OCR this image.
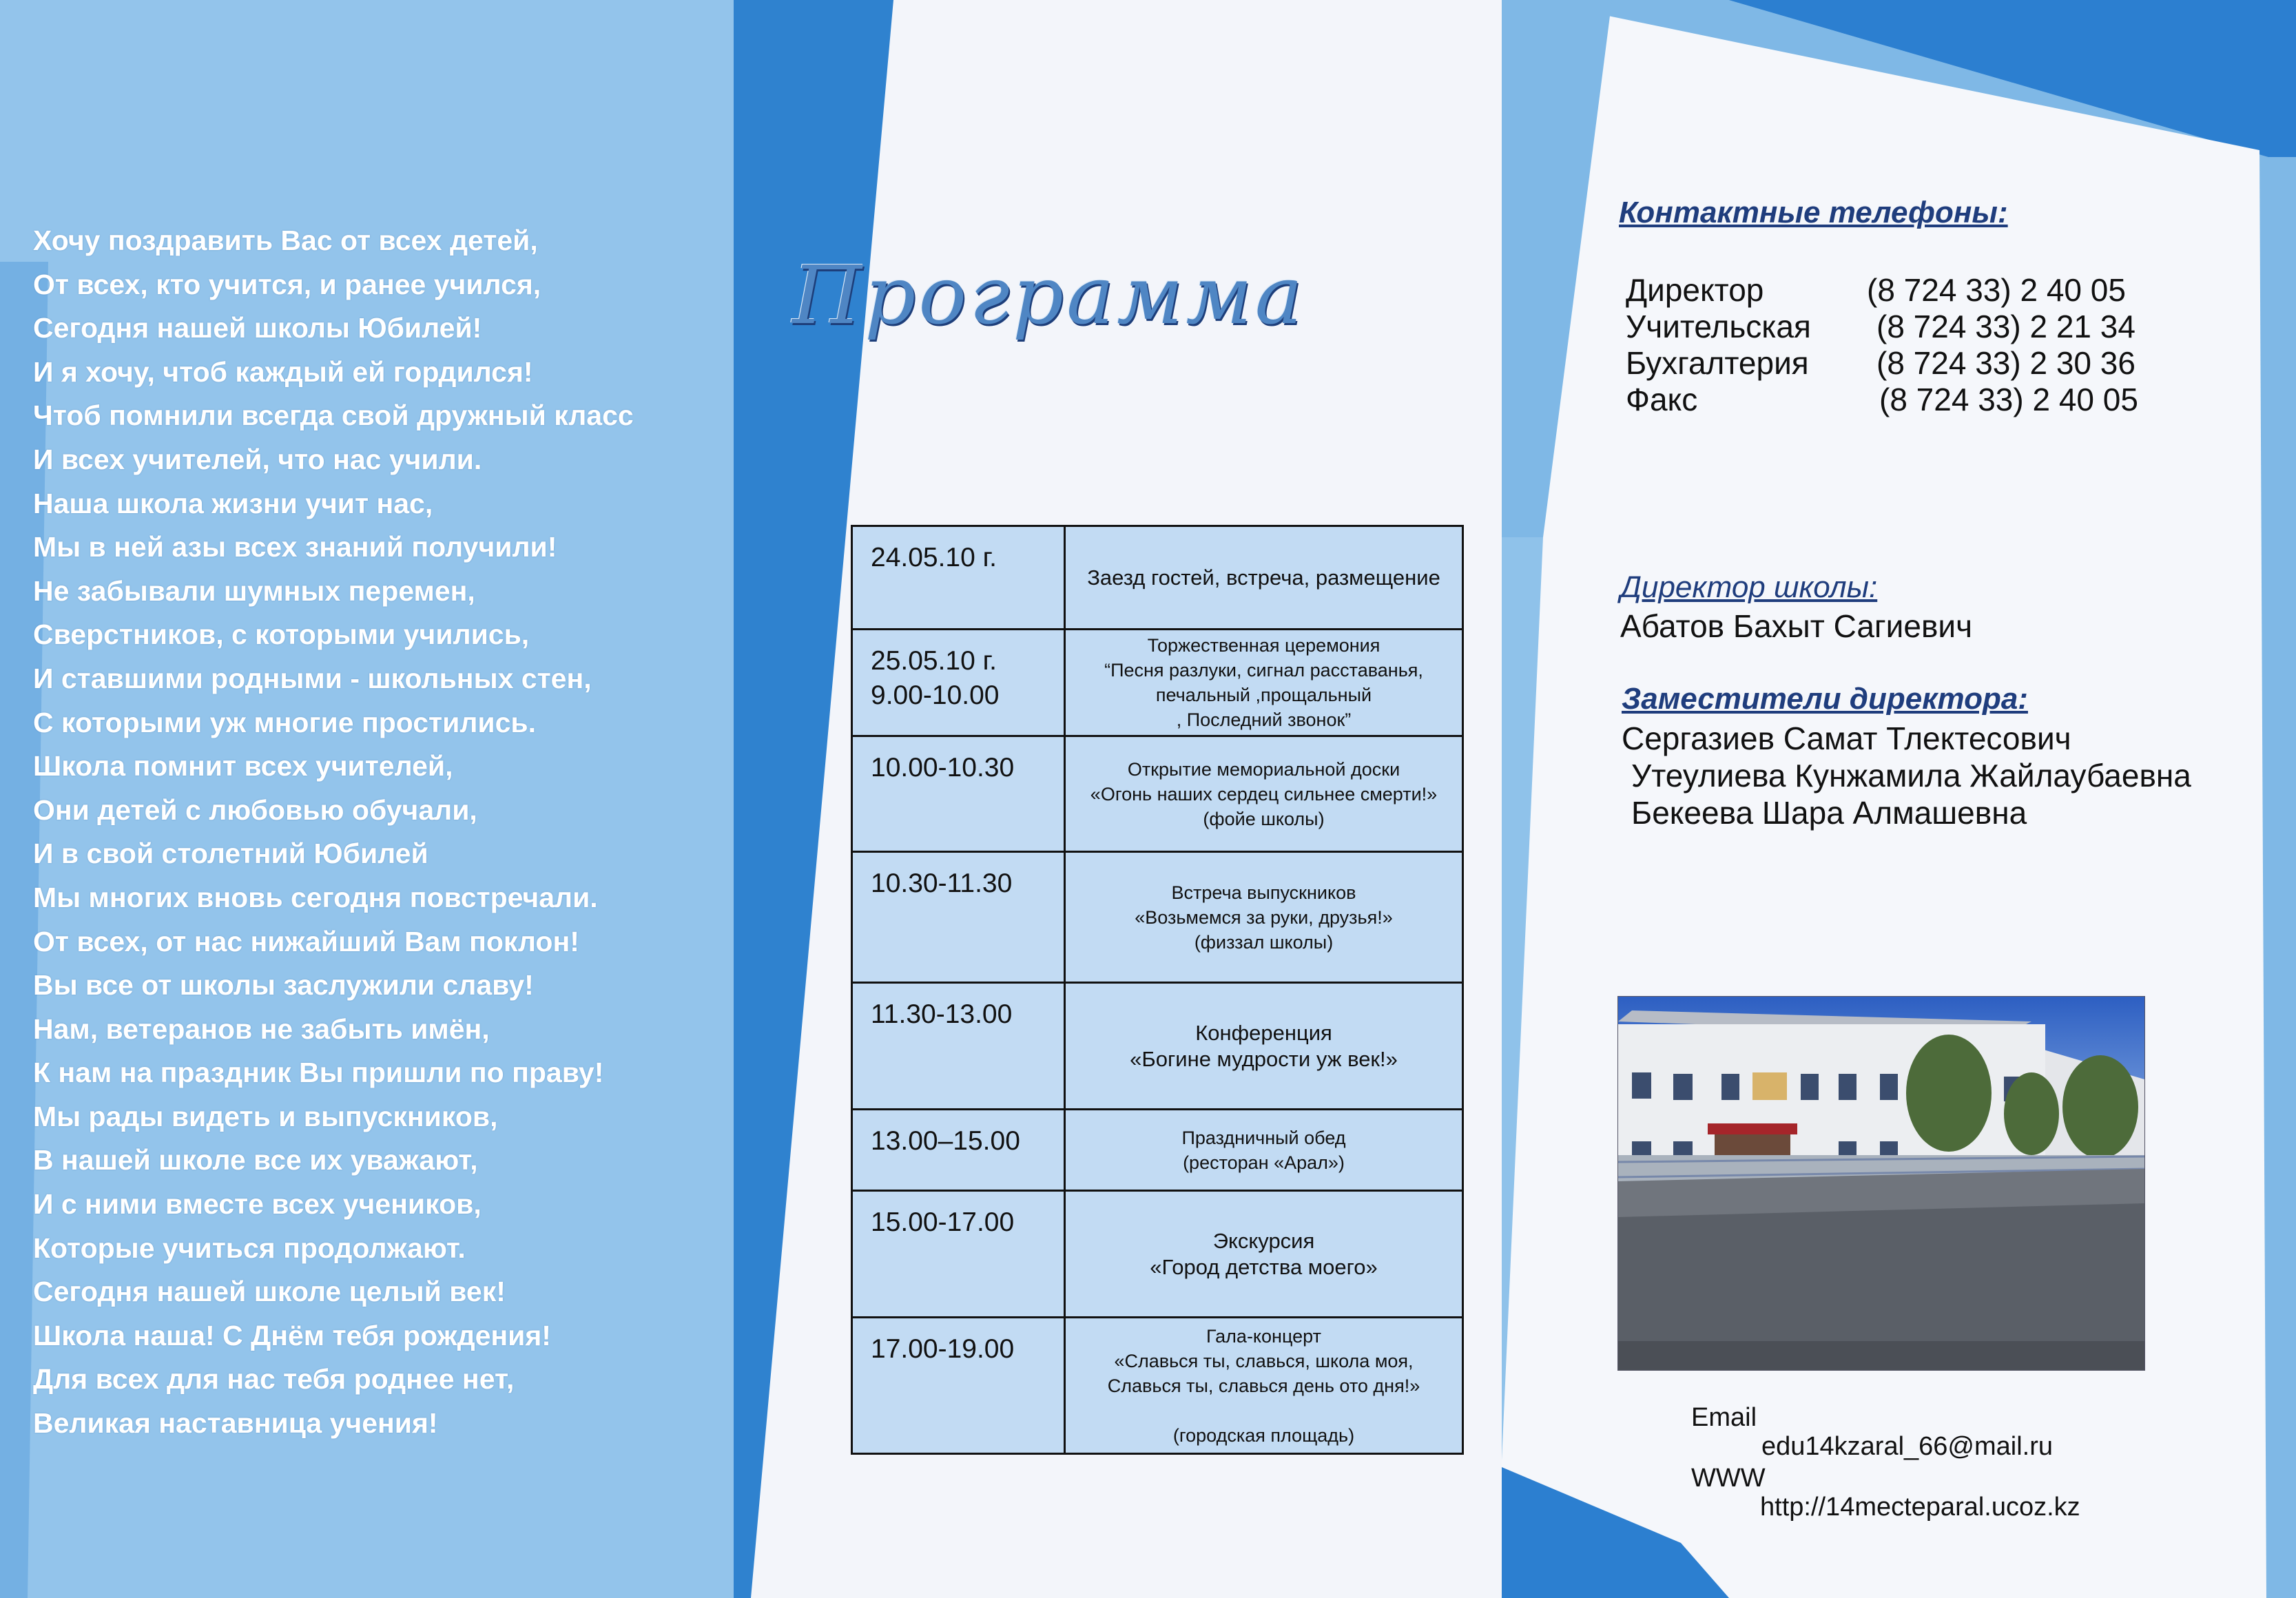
Хочу поздравить Вас от всех детей,
От всех, кто учится, и ранее учился,
Сегодня нашей школы Юбилей!
И я хочу, чтоб каждый ей гордился!
Чтоб помнили всегда свой дружный класс
И всех учителей, что нас учили.
Наша школа жизни учит нас,
Мы в ней азы всех знаний получили!
Не забывали шумных перемен,
Сверстников, с которыми учились,
И ставшими родными - школьных стен,
С которыми уж многие простились.
Школа помнит всех учителей,
Они детей с любовью обучали,
И в свой столетний Юбилей
Мы многих вновь сегодня повстречали.
От всех, от нас нижайший Вам поклон!
Вы все от школы заслужили славу!
Нам, ветеранов не забыть имён,
К нам на праздник Вы пришли по праву!
Мы рады видеть и выпускников,
В нашей школе все их уважают,
И с ними вместе всех учеников,
Которые учиться продолжают.
Сегодня нашей школе целый век!
Школа наша! С Днём тебя рождения!
Для всех для нас тебя роднее нет,
Великая наставница учения!
Программа
24.05.10 г.	Заезд гостей, встреча, размещение

25.05.10 г.
9.00-10.00	Торжественная церемония
“Песня разлуки, сигнал расставанья,
печальный ,прощальный
, Последний звонок”

10.00-10.30	Открытие мемориальной доски
«Огонь наших сердец сильнее смерти!»
(фойе школы)

10.30-11.30	Встреча выпускников
«Возьмемся за руки, друзья!»
(физзал школы)

11.30-13.00	Конференция
«Богине мудрости уж век!»

13.00–15.00	Праздничный обед
(ресторан «Арал»)

15.00-17.00	Экскурсия
«Город детства моего»

17.00-19.00	Гала-концерт
«Славься ты, славься, школа моя,
Славься ты, славься день ото дня!»

(городская площадь)
Контактные телефоны:
Директор	(8 724 33) 2 40 05
Учительская (8 724 33) 2 21 34
Бухгалтерия (8 724 33) 2 30 36
Факс	(8 724 33) 2 40 05
Директор школы:
Абатов Бахыт Сагиевич
Заместители директора:
Сергазиев Самат Тлектесович
Утеулиева Кунжамила Жайлаубаевна
Бекеева Шара Алмашевна
Email
edu14kzaral_66@mail.ru
WWW
http://14mecteparal.ucoz.kz
